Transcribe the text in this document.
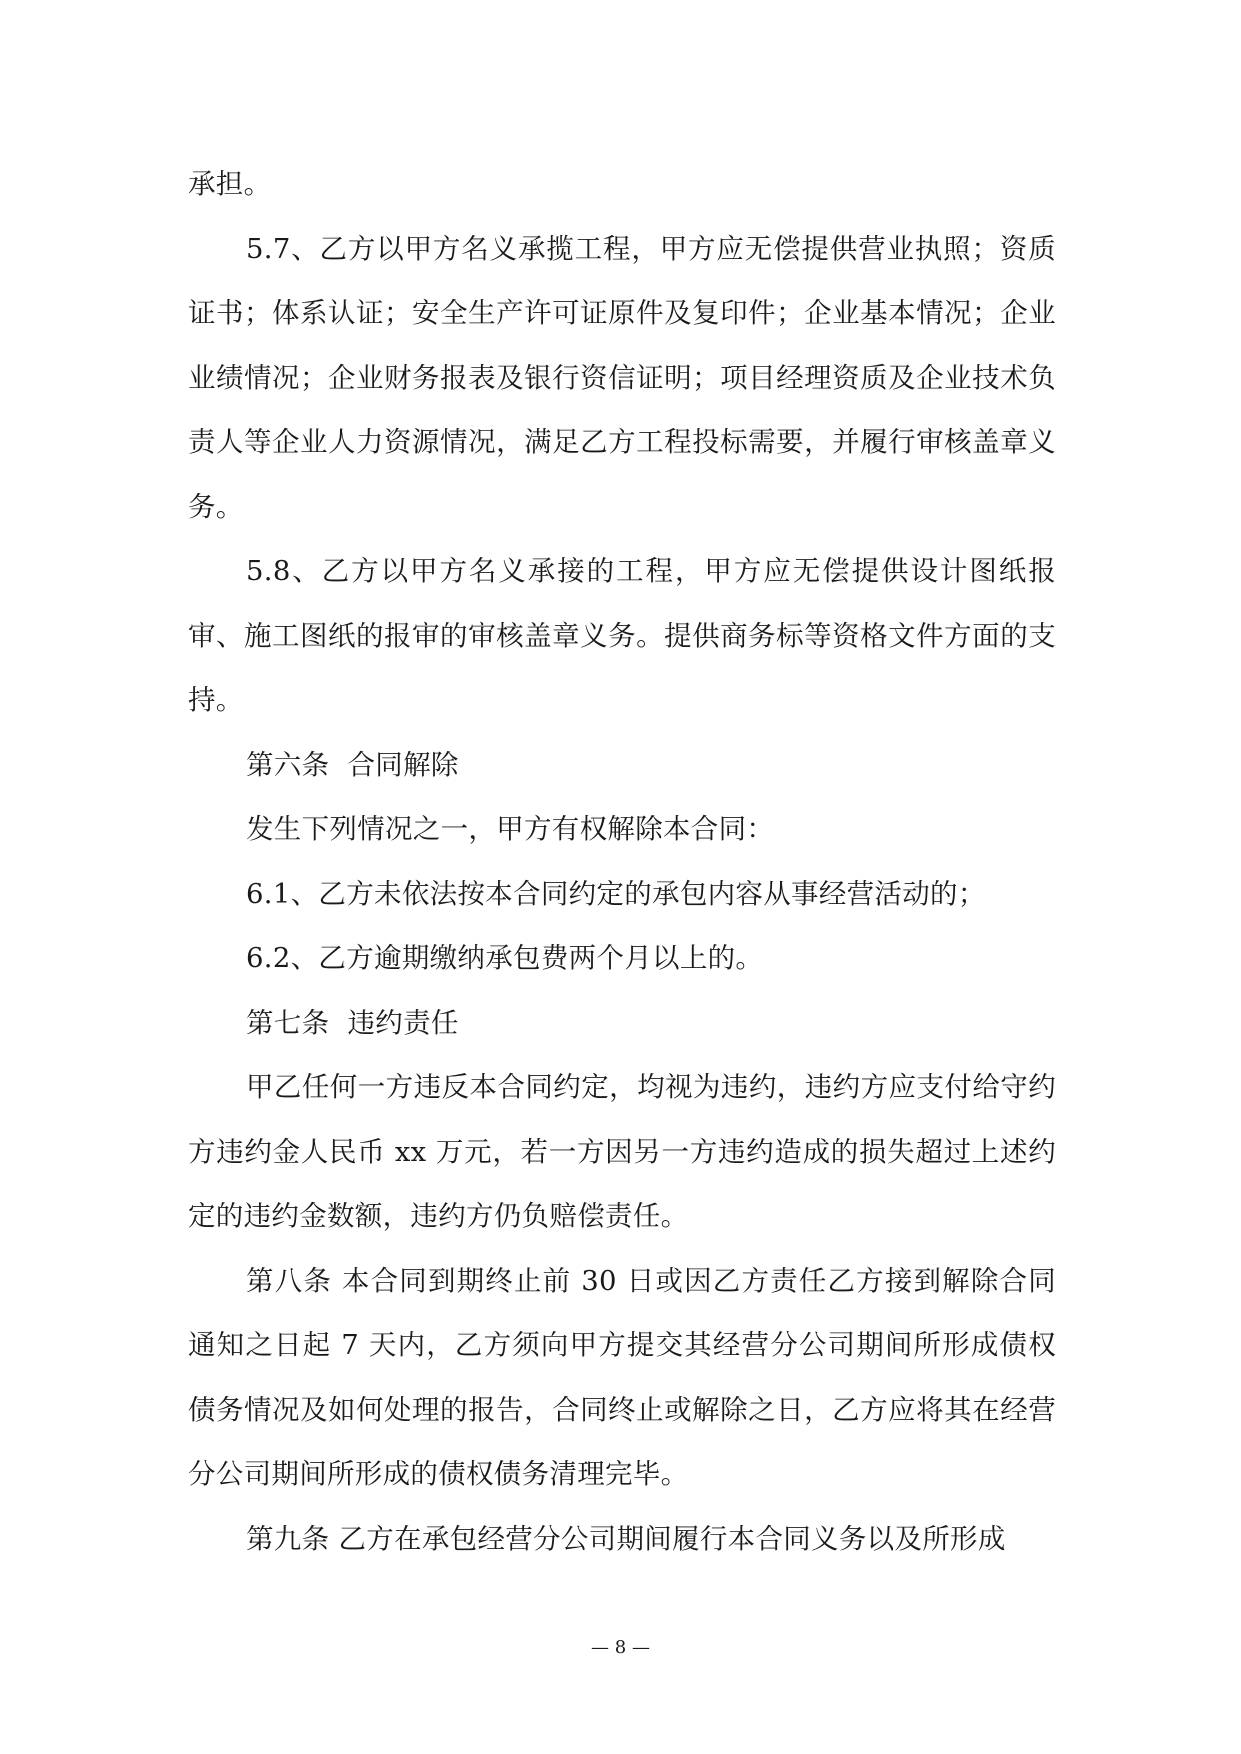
承担。

5.7、乙方以甲方名义承揽工程，甲方应无偿提供营业执照；资质证书；体系认证；安全生产许可证原件及复印件；企业基本情况；企业业绩情况；企业财务报表及银行资信证明；项目经理资质及企业技术负责人等企业人力资源情况，满足乙方工程投标需要，并履行审核盖章义务。

5.8、乙方以甲方名义承接的工程，甲方应无偿提供设计图纸报审、施工图纸的报审的审核盖章义务。提供商务标等资格文件方面的支持。

第六条  合同解除

发生下列情况之一，甲方有权解除本合同：

6.1、乙方未依法按本合同约定的承包内容从事经营活动的；

6.2、乙方逾期缴纳承包费两个月以上的。

第七条  违约责任

甲乙任何一方违反本合同约定，均视为违约，违约方应支付给守约方违约金人民币 xx 万元，若一方因另一方违约造成的损失超过上述约定的违约金数额，违约方仍负赔偿责任。

第八条 本合同到期终止前 30 日或因乙方责任乙方接到解除合同通知之日起 7 天内，乙方须向甲方提交其经营分公司期间所形成债权债务情况及如何处理的报告，合同终止或解除之日，乙方应将其在经营分公司期间所形成的债权债务清理完毕。

第九条 乙方在承包经营分公司期间履行本合同义务以及所形成

— 8 —
